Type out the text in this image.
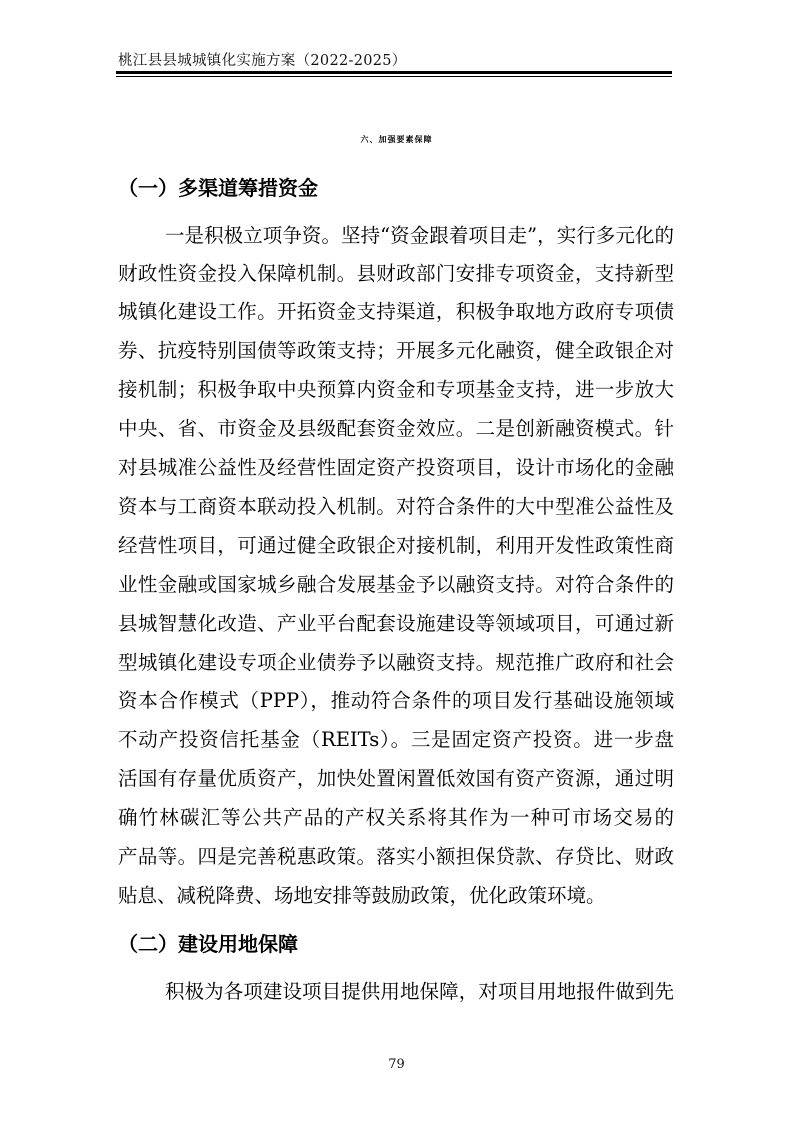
桃江县县城城镇化实施方案（2022-2025）
六、加强要素保障
（一）多渠道筹措资金
一是积极立项争资。坚持“资金跟着项目走”，实行多元化的
财政性资金投入保障机制。县财政部门安排专项资金，支持新型
城镇化建设工作。开拓资金支持渠道，积极争取地方政府专项债
券、抗疫特别国债等政策支持；开展多元化融资，健全政银企对
接机制；积极争取中央预算内资金和专项基金支持，进一步放大
中央、省、市资金及县级配套资金效应。二是创新融资模式。针
对县城准公益性及经营性固定资产投资项目，设计市场化的金融
资本与工商资本联动投入机制。对符合条件的大中型准公益性及
经营性项目，可通过健全政银企对接机制，利用开发性政策性商
业性金融或国家城乡融合发展基金予以融资支持。对符合条件的
县城智慧化改造、产业平台配套设施建设等领域项目，可通过新
型城镇化建设专项企业债券予以融资支持。规范推广政府和社会
资本合作模式（PPP），推动符合条件的项目发行基础设施领域
不动产投资信托基金（REITs）。三是固定资产投资。进一步盘
活国有存量优质资产，加快处置闲置低效国有资产资源，通过明
确竹林碳汇等公共产品的产权关系将其作为一种可市场交易的
产品等。四是完善税惠政策。落实小额担保贷款、存贷比、财政
贴息、减税降费、场地安排等鼓励政策，优化政策环境。
（二）建设用地保障
积极为各项建设项目提供用地保障，对项目用地报件做到先
79
